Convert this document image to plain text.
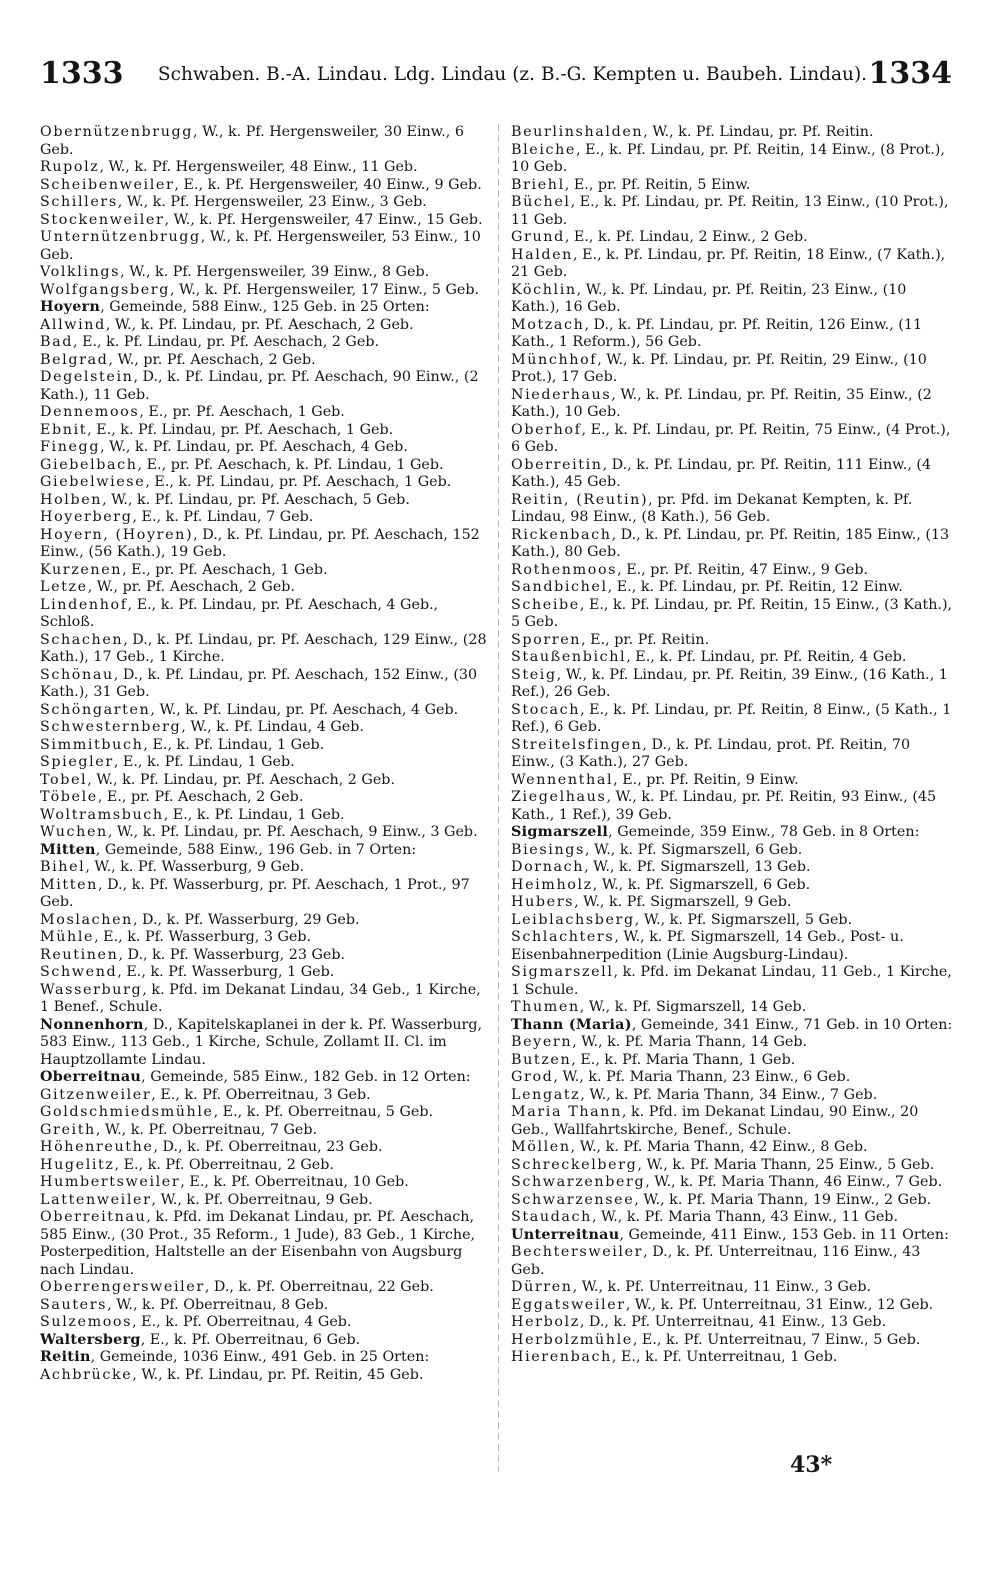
1333	Schwaben. B.-A. Lindau. Ldg. Lindau (z. B.-G. Kempten u. Baubeh. Lindau). 1334

Obernützenbrugg, W., k. Pf. Hergensweiler, 30 Einw., 6 Geb.

Rupolz, W., k. Pf. Hergensweiler, 48 Einw., 11 Geb.

Scheibenweiler, E., k. Pf. Hergensweiler, 40 Einw., 9 Geb.

Schillers, W., k. Pf. Hergensweiler, 23 Einw., 3 Geb.

Stockenweiler, W., k. Pf. Hergensweiler, 47 Einw., 15 Geb.

Unternützenbrugg, W., k. Pf. Hergensweiler, 53 Einw., 10 Geb.

Volklings, W., k. Pf. Hergensweiler, 39 Einw., 8 Geb.

Wolfgangsberg, W., k. Pf. Hergensweiler, 17 Einw., 5 Geb.

Hoyern, Gemeinde, 588 Einw., 125 Geb. in 25 Orten:

Allwind, W., k. Pf. Lindau, pr. Pf. Aeschach, 2 Geb.

Bad, E., k. Pf. Lindau, pr. Pf. Aeschach, 2 Geb.

Belgrad, W., pr. Pf. Aeschach, 2 Geb.

Degelstein, D., k. Pf. Lindau, pr. Pf. Aeschach, 90 Einw., (2 Kath.), 11 Geb.

Dennemoos, E., pr. Pf. Aeschach, 1 Geb.

Ebnit, E., k. Pf. Lindau, pr. Pf. Aeschach, 1 Geb.

Finegg, W., k. Pf. Lindau, pr. Pf. Aeschach, 4 Geb.

Giebelbach, E., pr. Pf. Aeschach, k. Pf. Lindau, 1 Geb.

Giebelwiese, E., k. Pf. Lindau, pr. Pf. Aeschach, 1 Geb.

Holben, W., k. Pf. Lindau, pr. Pf. Aeschach, 5 Geb.

Hoyerberg, E., k. Pf. Lindau, 7 Geb.

Hoyern, (Hoyren), D., k. Pf. Lindau, pr. Pf. Aeschach, 152 Einw., (56 Kath.), 19 Geb.

Kurzenen, E., pr. Pf. Aeschach, 1 Geb.

Letze, W., pr. Pf. Aeschach, 2 Geb.

Lindenhof, E., k. Pf. Lindau, pr. Pf. Aeschach, 4 Geb., Schloß.

Schachen, D., k. Pf. Lindau, pr. Pf. Aeschach, 129 Einw., (28 Kath.), 17 Geb., 1 Kirche.

Schönau, D., k. Pf. Lindau, pr. Pf. Aeschach, 152 Einw., (30 Kath.), 31 Geb.

Schöngarten, W., k. Pf. Lindau, pr. Pf. Aeschach, 4 Geb.

Schwesternberg, W., k. Pf. Lindau, 4 Geb.

Simmitbuch, E., k. Pf. Lindau, 1 Geb.

Spiegler, E., k. Pf. Lindau, 1 Geb.

Tobel, W., k. Pf. Lindau, pr. Pf. Aeschach, 2 Geb.

Töbele, E., pr. Pf. Aeschach, 2 Geb.

Woltramsbuch, E., k. Pf. Lindau, 1 Geb.

Wuchen, W., k. Pf. Lindau, pr. Pf. Aeschach, 9 Einw., 3 Geb.

Mitten, Gemeinde, 588 Einw., 196 Geb. in 7 Orten:

Bihel, W., k. Pf. Wasserburg, 9 Geb.

Mitten, D., k. Pf. Wasserburg, pr. Pf. Aeschach, 1 Prot., 97 Geb.

Moslachen, D., k. Pf. Wasserburg, 29 Geb.

Mühle, E., k. Pf. Wasserburg, 3 Geb.

Reutinen, D., k. Pf. Wasserburg, 23 Geb.

Schwend, E., k. Pf. Wasserburg, 1 Geb.

Wasserburg, k. Pfd. im Dekanat Lindau, 34 Geb., 1 Kirche, 1 Benef., Schule.

Nonnenhorn, D., Kapitelskaplanei in der k. Pf. Wasserburg, 583 Einw., 113 Geb., 1 Kirche, Schule, Zollamt II. Cl. im Hauptzollamte Lindau.

Oberreitnau, Gemeinde, 585 Einw., 182 Geb. in 12 Orten:

Gitzenweiler, E., k. Pf. Oberreitnau, 3 Geb.

Goldschmiedsmühle, E., k. Pf. Oberreitnau, 5 Geb.

Greith, W., k. Pf. Oberreitnau, 7 Geb.

Höhenreuthe, D., k. Pf. Oberreitnau, 23 Geb.

Hugelitz, E., k. Pf. Oberreitnau, 2 Geb.

Humbertsweiler, E., k. Pf. Oberreitnau, 10 Geb.

Lattenweiler, W., k. Pf. Oberreitnau, 9 Geb.

Oberreitnau, k. Pfd. im Dekanat Lindau, pr. Pf. Aeschach, 585 Einw., (30 Prot., 35 Reform., 1 Jude), 83 Geb., 1 Kirche, Posterpedition, Haltstelle an der Eisenbahn von Augsburg nach Lindau.

Oberrengersweiler, D., k. Pf. Oberreitnau, 22 Geb.

Sauters, W., k. Pf. Oberreitnau, 8 Geb.

Sulzemoos, E., k. Pf. Oberreitnau, 4 Geb.

Waltersberg, E., k. Pf. Oberreitnau, 6 Geb.

Reitin, Gemeinde, 1036 Einw., 491 Geb. in 25 Orten:

Achbrücke, W., k. Pf. Lindau, pr. Pf. Reitin, 45 Geb.

Beurlinshalden, W., k. Pf. Lindau, pr. Pf. Reitin.

Bleiche, E., k. Pf. Lindau, pr. Pf. Reitin, 14 Einw., (8 Prot.), 10 Geb.

Briehl, E., pr. Pf. Reitin, 5 Einw.

Büchel, E., k. Pf. Lindau, pr. Pf. Reitin, 13 Einw., (10 Prot.), 11 Geb.

Grund, E., k. Pf. Lindau, 2 Einw., 2 Geb.

Halden, E., k. Pf. Lindau, pr. Pf. Reitin, 18 Einw., (7 Kath.), 21 Geb.

Köchlin, W., k. Pf. Lindau, pr. Pf. Reitin, 23 Einw., (10 Kath.), 16 Geb.

Motzach, D., k. Pf. Lindau, pr. Pf. Reitin, 126 Einw., (11 Kath., 1 Reform.), 56 Geb.

Münchhof, W., k. Pf. Lindau, pr. Pf. Reitin, 29 Einw., (10 Prot.), 17 Geb.

Niederhaus, W., k. Pf. Lindau, pr. Pf. Reitin, 35 Einw., (2 Kath.), 10 Geb.

Oberhof, E., k. Pf. Lindau, pr. Pf. Reitin, 75 Einw., (4 Prot.), 6 Geb.

Oberreitin, D., k. Pf. Lindau, pr. Pf. Reitin, 111 Einw., (4 Kath.), 45 Geb.

Reitin, (Reutin), pr. Pfd. im Dekanat Kempten, k. Pf. Lindau, 98 Einw., (8 Kath.), 56 Geb.

Rickenbach, D., k. Pf. Lindau, pr. Pf. Reitin, 185 Einw., (13 Kath.), 80 Geb.

Rothenmoos, E., pr. Pf. Reitin, 47 Einw., 9 Geb.

Sandbichel, E., k. Pf. Lindau, pr. Pf. Reitin, 12 Einw.

Scheibe, E., k. Pf. Lindau, pr. Pf. Reitin, 15 Einw., (3 Kath.), 5 Geb.

Sporren, E., pr. Pf. Reitin.

Staußenbichl, E., k. Pf. Lindau, pr. Pf. Reitin, 4 Geb.

Steig, W., k. Pf. Lindau, pr. Pf. Reitin, 39 Einw., (16 Kath., 1 Ref.), 26 Geb.

Stocach, E., k. Pf. Lindau, pr. Pf. Reitin, 8 Einw., (5 Kath., 1 Ref.), 6 Geb.

Streitelsfingen, D., k. Pf. Lindau, prot. Pf. Reitin, 70 Einw., (3 Kath.), 27 Geb.

Wennenthal, E., pr. Pf. Reitin, 9 Einw.

Ziegelhaus, W., k. Pf. Lindau, pr. Pf. Reitin, 93 Einw., (45 Kath., 1 Ref.), 39 Geb.

Sigmarszell, Gemeinde, 359 Einw., 78 Geb. in 8 Orten:

Biesings, W., k. Pf. Sigmarszell, 6 Geb.

Dornach, W., k. Pf. Sigmarszell, 13 Geb.

Heimholz, W., k. Pf. Sigmarszell, 6 Geb.

Hubers, W., k. Pf. Sigmarszell, 9 Geb.

Leiblachsberg, W., k. Pf. Sigmarszell, 5 Geb.

Schlachters, W., k. Pf. Sigmarszell, 14 Geb., Post- u. Eisenbahnerpedition (Linie Augsburg-Lindau).

Sigmarszell, k. Pfd. im Dekanat Lindau, 11 Geb., 1 Kirche, 1 Schule.

Thumen, W., k. Pf. Sigmarszell, 14 Geb.

Thann (Maria), Gemeinde, 341 Einw., 71 Geb. in 10 Orten:

Beyern, W., k. Pf. Maria Thann, 14 Geb.

Butzen, E., k. Pf. Maria Thann, 1 Geb.

Grod, W., k. Pf. Maria Thann, 23 Einw., 6 Geb.

Lengatz, W., k. Pf. Maria Thann, 34 Einw., 7 Geb.

Maria Thann, k. Pfd. im Dekanat Lindau, 90 Einw., 20 Geb., Wallfahrtskirche, Benef., Schule.

Möllen, W., k. Pf. Maria Thann, 42 Einw., 8 Geb.

Schreckelberg, W., k. Pf. Maria Thann, 25 Einw., 5 Geb.

Schwarzenberg, W., k. Pf. Maria Thann, 46 Einw., 7 Geb.

Schwarzensee, W., k. Pf. Maria Thann, 19 Einw., 2 Geb.

Staudach, W., k. Pf. Maria Thann, 43 Einw., 11 Geb.

Unterreitnau, Gemeinde, 411 Einw., 153 Geb. in 11 Orten:

Bechtersweiler, D., k. Pf. Unterreitnau, 116 Einw., 43 Geb.

Dürren, W., k. Pf. Unterreitnau, 11 Einw., 3 Geb.

Eggatsweiler, W., k. Pf. Unterreitnau, 31 Einw., 12 Geb.

Herbolz, D., k. Pf. Unterreitnau, 41 Einw., 13 Geb.

Herbolzmühle, E., k. Pf. Unterreitnau, 7 Einw., 5 Geb.

Hierenbach, E., k. Pf. Unterreitnau, 1 Geb.

43*
